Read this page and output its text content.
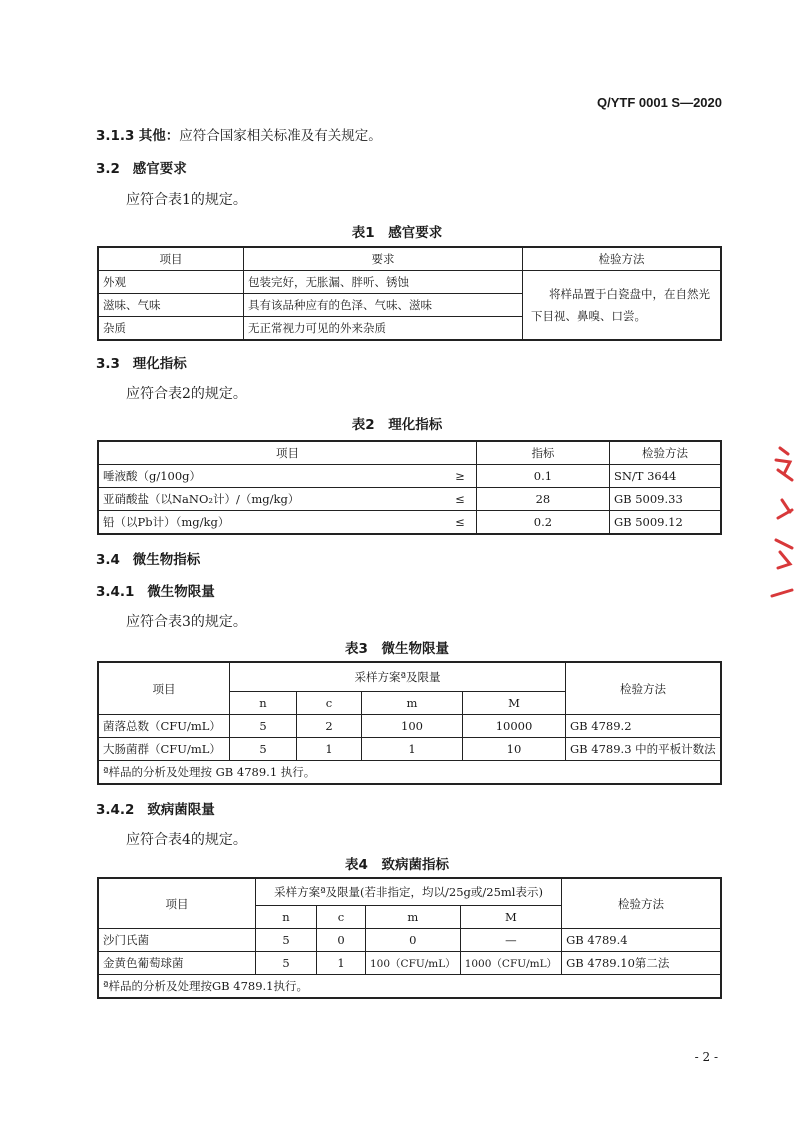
Q/YTF 0001 S—2020
3.1.3 其他：应符合国家相关标准及有关规定。
3.2 感官要求
应符合表1的规定。
表1　感官要求
项目	要求	检验方法
外观	包装完好，无胀漏、胖听、锈蚀	将样品置于白瓷盘中，在自然光
下目视、鼻嗅、口尝。

滋味、气味	具有该品种应有的色泽、气味、滋味	
杂质	无正常视力可见的外来杂质	
3.3 理化指标
应符合表2的规定。
表2　理化指标
项目		指标	检验方法
唾液酸（g/100g）	≥	0.1	SN/T 3644
亚硝酸盐（以NaNO₂计）/（mg/kg）	≤	28	GB 5009.33
铅（以Pb计）（mg/kg）	≤	0.2	GB 5009.12
3.4 微生物指标
3.4.1 微生物限量
应符合表3的规定。
表3　微生物限量
项目	采样方案ª及限量				检验方法
	n	c	m	M	
菌落总数（CFU/mL）	5	2	100	10000	GB 4789.2
大肠菌群（CFU/mL）	5	1	1	10	GB 4789.3 中的平板计数法
ª样品的分析及处理按 GB 4789.1 执行。					
3.4.2 致病菌限量
应符合表4的规定。
表4　致病菌指标
项目	采样方案ª及限量(若非指定，均以/25g或/25ml表示)				检验方法
	n	c	m	M	
沙门氏菌	5	0	0	—	GB 4789.4
金黄色葡萄球菌	5	1	100（CFU/mL）	1000（CFU/mL）	GB 4789.10第二法
ª样品的分析及处理按GB 4789.1执行。					
- 2 -
